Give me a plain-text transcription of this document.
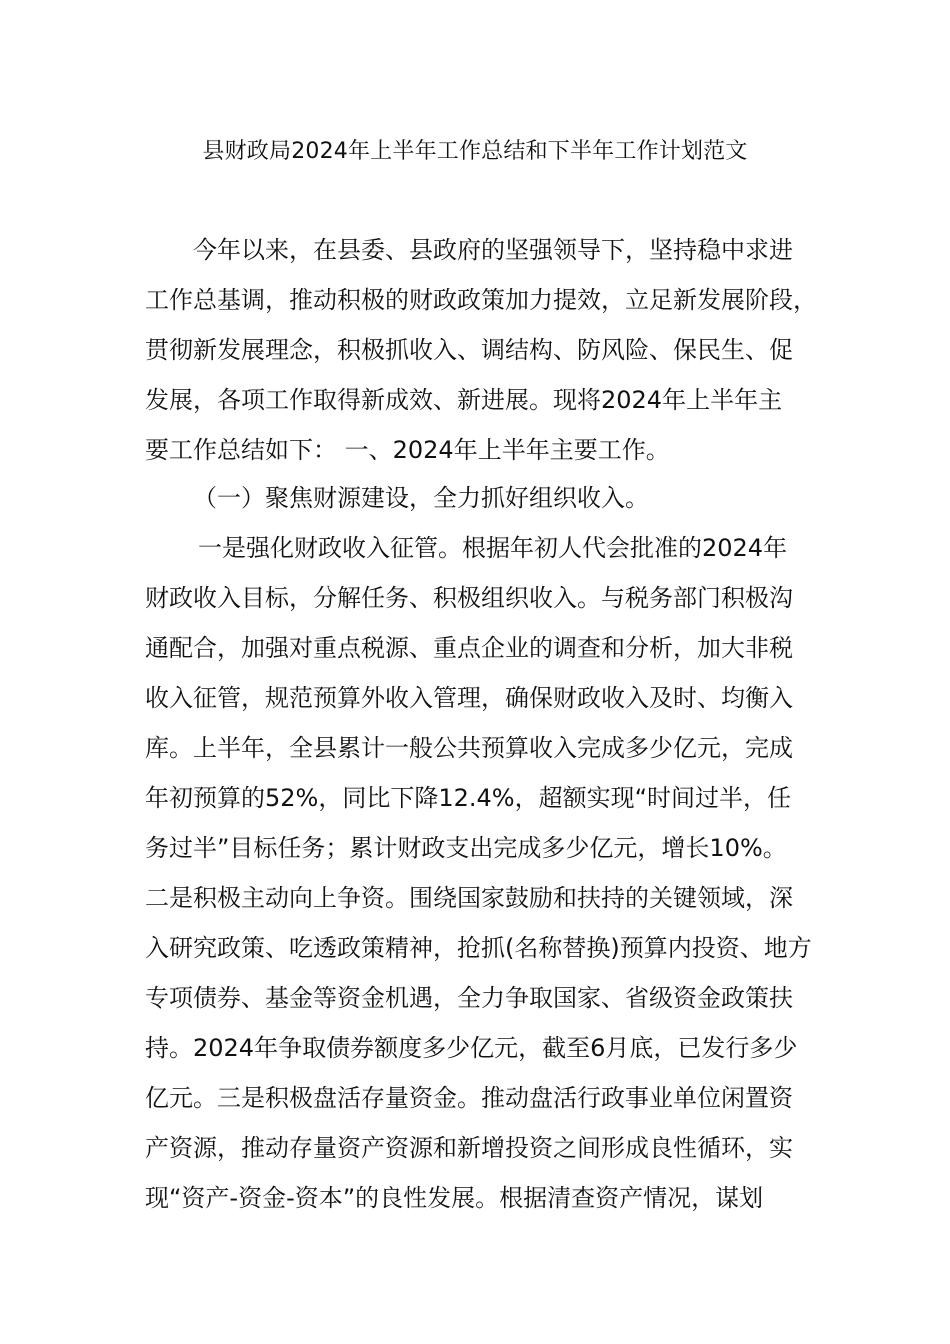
县财政局2024年上半年工作总结和下半年工作计划范文
今年以来，在县委、县政府的坚强领导下，坚持稳中求进
工作总基调，推动积极的财政政策加力提效，立足新发展阶段，
贯彻新发展理念，积极抓收入、调结构、防风险、保民生、促
发展，各项工作取得新成效、新进展。现将2024年上半年主
要工作总结如下： 一、2024年上半年主要工作。
（一）聚焦财源建设，全力抓好组织收入。
一是强化财政收入征管。根据年初人代会批准的2024年
财政收入目标，分解任务、积极组织收入。与税务部门积极沟
通配合，加强对重点税源、重点企业的调查和分析，加大非税
收入征管，规范预算外收入管理，确保财政收入及时、均衡入
库。上半年，全县累计一般公共预算收入完成多少亿元，完成
年初预算的52%，同比下降12.4%，超额实现“时间过半，任
务过半”目标任务；累计财政支出完成多少亿元，增长10%。
二是积极主动向上争资。围绕国家鼓励和扶持的关键领域，深
入研究政策、吃透政策精神，抢抓(名称替换)预算内投资、地方
专项债券、基金等资金机遇，全力争取国家、省级资金政策扶
持。2024年争取债券额度多少亿元，截至6月底，已发行多少
亿元。三是积极盘活存量资金。推动盘活行政事业单位闲置资
产资源，推动存量资产资源和新增投资之间形成良性循环，实
现“资产-资金-资本”的良性发展。根据清查资产情况，谋划
